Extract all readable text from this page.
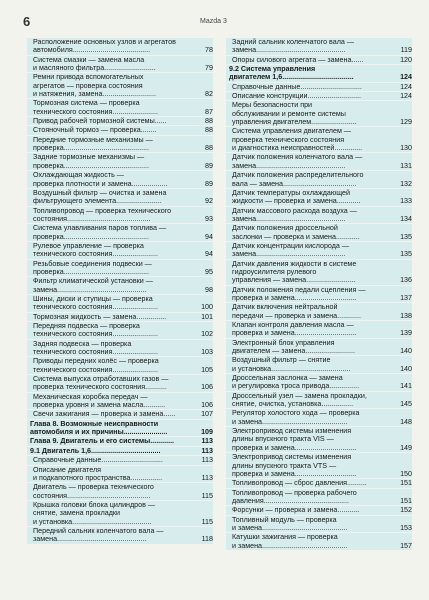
6	Mazda 3
Расположение основных узлов и агрегатов
автомобиля.......................................	78
Система смазки — замена масла
и масляного фильтра..........................	79
Ремни привода вспомогательных
агрегатов — проверка состояния
и натяжения, замена...........................	82
Тормозная система — проверка
технического состояния.......................	87
Привод рабочей тормозной системы......	88
Стояночный тормоз — проверка........	88
Передние тормозные механизмы —
проверка...........................................	88
Задние тормозные механизмы —
проверка...........................................	89
Охлаждающая жидкость —
проверка плотности и замена..................	89
Воздушный фильтр — очистка и замена
фильтрующего элемента.......................	92
Топливопровод — проверка технического
состояния..........................................	93
Система улавливания паров топлива —
проверка...........................................	94
Рулевое управление — проверка
технического состояния.......................	94
Резьбовые соединения подвески —
проверка...........................................	95
Фильтр климатической установки —
замена.............................................	98
Шины, диски и ступицы — проверка
технического состояния.......................	100
Тормозная жидкость — замена...............	101
Передняя подвеска — проверка
технического состояния.......................	102
Задняя подвеска — проверка
технического состояния.......................	103
Приводы передних колёс — проверка
технического состояния.......................	105
Система выпуска отработавших газов —
проверка технического состояния...........	106
Механическая коробка передач —
проверка уровня и замена масла...........	106
Свечи зажигания — проверка и замена......	107
Глава 8. Возможные неисправности
автомобиля и их причины......................	109
Глава 9. Двигатель и его системы............	113
9.1 Двигатель 1,6...................................	113
Справочные данные...............................	113
Описание двигателя
и подкапотного пространства................	113
Двигатель — проверка технического
состояния..........................................	115
Крышка головки блока цилиндров —
снятие, замена прокладки
и установка........................................	115
Передний сальник коленчатого вала —
замена.............................................	118
Задний сальник коленчатого вала —
замена.............................................	119
Опоры силового агрегата — замена......	120
9.2 Система управления
двигателем 1,6....................................	124
Справочные данные...............................	124
Описание конструкции...........................	124
Меры безопасности при
обслуживании и ремонте системы
управления двигателем.......................	129
Система управления двигателем —
проверка технического состояния
и диагностика неисправностей..............	130
Датчик положения коленчатого вала —
замена.............................................	131
Датчик положения распределительного
вала — замена.....................................	132
Датчик температуры охлаждающей
жидкости — проверка и замена............	133
Датчик массового расхода воздуха —
замена.............................................	134
Датчик положения дроссельной
заслонки — проверка и замена............	135
Датчик концентрации кислорода —
замена.............................................	135
Датчик давления жидкости в системе
гидроусилителя рулевого
управления — замена.........................	136
Датчик положения педали сцепления —
проверка и замена...............................	137
Датчик включения нейтральной
передачи — проверка и замена............	138
Клапан контроля давления масла —
проверка и замена...............................	139
Электронный блок управления
двигателем — замена.........................	140
Воздушный фильтр — снятие
и установка........................................	140
Дроссельная заслонка — замена
и регулировка троса привода...............	141
Дроссельный узел — замена прокладки,
снятие, очистка, установка................	145
Регулятор холостого хода — проверка
и замена...........................................	148
Электропривод системы изменения
длины впускного тракта VIS —
проверка и замена...............................	149
Электропривод системы изменения
длины впускного тракта VTS —
проверка и замена...............................	150
Топливопровод — сброс давления..........	151
Топливопровод — проверка рабочего
давления...........................................	151
Форсунки — проверка и замена...........	152
Топливный модуль — проверка
и замена...........................................	153
Катушки зажигания — проверка
и замена...........................................	157
